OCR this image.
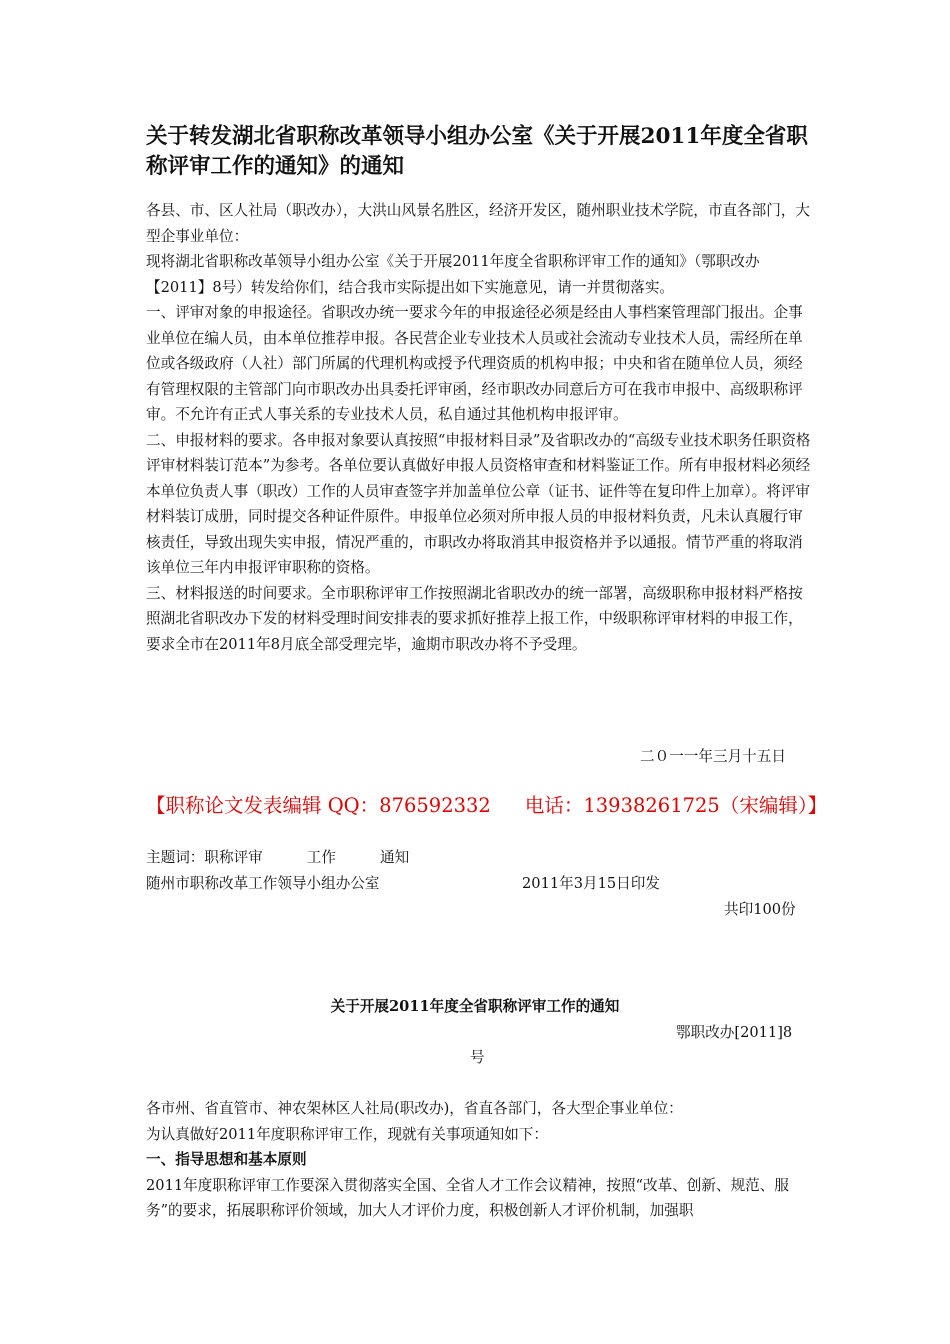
关于转发湖北省职称改革领导小组办公室《关于开展2011年度全省职称评审工作的通知》的通知

各县、市、区人社局（职改办），大洪山风景名胜区，经济开发区，随州职业技术学院，市直各部门，大型企事业单位：

现将湖北省职称改革领导小组办公室《关于开展2011年度全省职称评审工作的通知》（鄂职改办【2011】8号）转发给你们，结合我市实际提出如下实施意见，请一并贯彻落实。

一、评审对象的申报途径。省职改办统一要求今年的申报途径必须是经由人事档案管理部门报出。企事业单位在编人员，由本单位推荐申报。各民营企业专业技术人员或社会流动专业技术人员，需经所在单位或各级政府（人社）部门所属的代理机构或授予代理资质的机构申报；中央和省在随单位人员，须经有管理权限的主管部门向市职改办出具委托评审函，经市职改办同意后方可在我市申报中、高级职称评审。不允许有正式人事关系的专业技术人员，私自通过其他机构申报评审。

二、申报材料的要求。各申报对象要认真按照“申报材料目录”及省职改办的“高级专业技术职务任职资格评审材料装订范本”为参考。各单位要认真做好申报人员资格审查和材料鉴证工作。所有申报材料必须经本单位负责人事（职改）工作的人员审查签字并加盖单位公章（证书、证件等在复印件上加章）。将评审材料装订成册，同时提交各种证件原件。申报单位必须对所申报人员的申报材料负责，凡未认真履行审核责任，导致出现失实申报，情况严重的，市职改办将取消其申报资格并予以通报。情节严重的将取消该单位三年内申报评审职称的资格。

三、材料报送的时间要求。全市职称评审工作按照湖北省职改办的统一部署，高级职称申报材料严格按照湖北省职改办下发的材料受理时间安排表的要求抓好推荐上报工作，中级职称评审材料的申报工作，要求全市在2011年8月底全部受理完毕，逾期市职改办将不予受理。

二０一一年三月十五日
【职称论文发表编辑 QQ：876592332 电话：13938261725（宋编辑）】
主题词：职称评审	工作	通知
随州市职称改革工作领导小组办公室	2011年3月15日印发
共印100份
关于开展2011年度全省职称评审工作的通知
鄂职改办[2011]8
号

各市州、省直管市、神农架林区人社局(职改办)，省直各部门，各大型企事业单位：

为认真做好2011年度职称评审工作，现就有关事项通知如下：

一、指导思想和基本原则

2011年度职称评审工作要深入贯彻落实全国、全省人才工作会议精神，按照“改革、创新、规范、服务”的要求，拓展职称评价领域，加大人才评价力度，积极创新人才评价机制，加强职
